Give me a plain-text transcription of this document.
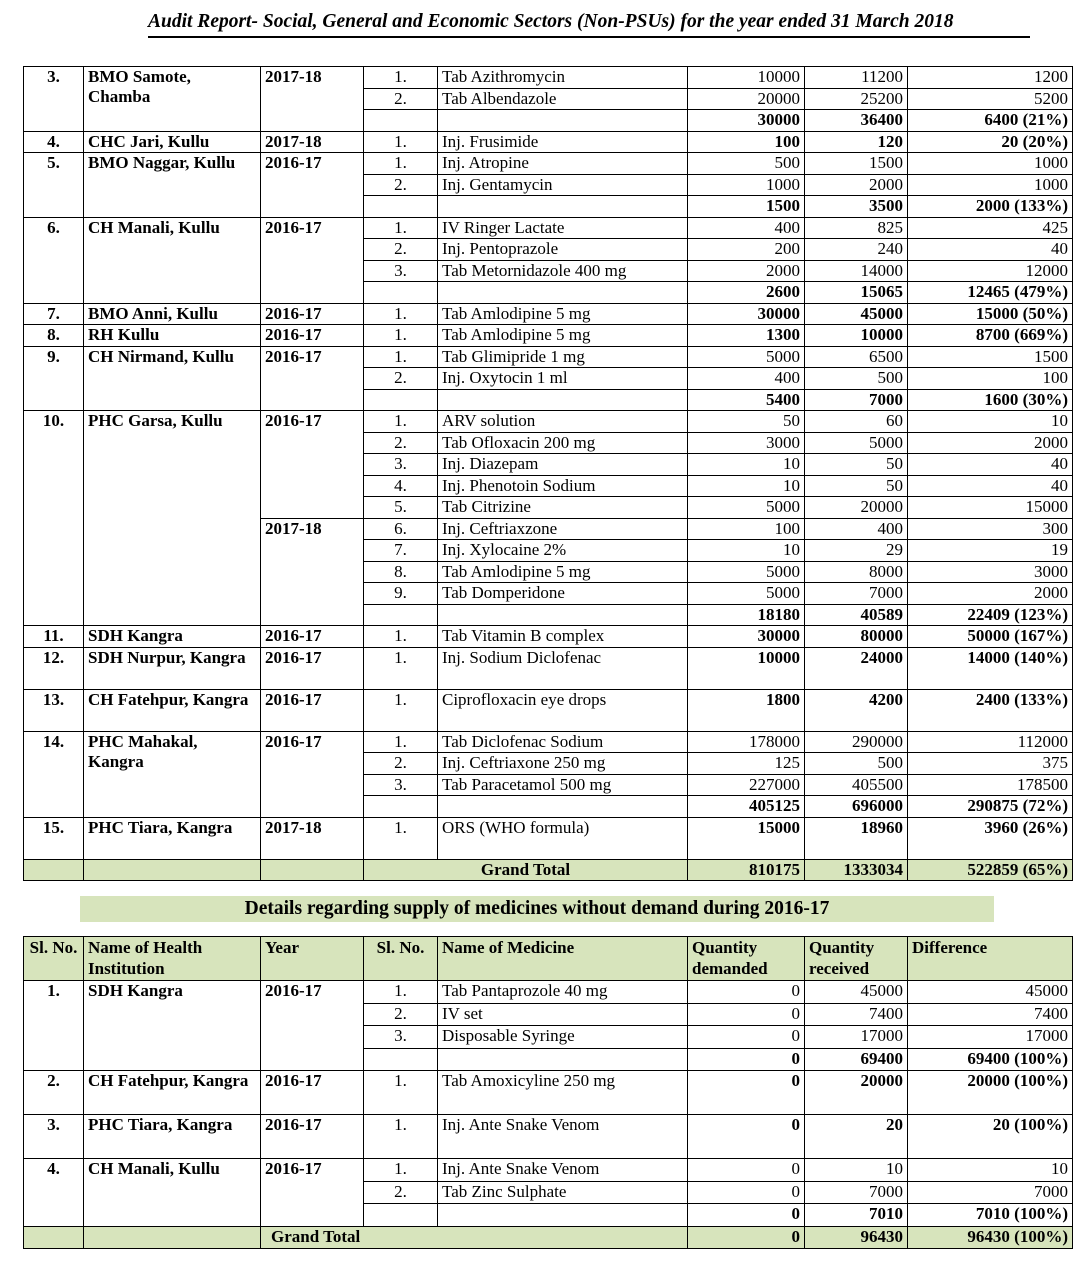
Audit Report- Social, General and Economic Sectors (Non-PSUs) for the year ended 31 March 2018
3.	BMO Samote, Chamba	2017-18	1.	Tab Azithromycin	10000	11200	1200
			2.	Tab Albendazole	20000	25200	5200
					30000	36400	6400 (21%)
4.	CHC Jari, Kullu	2017-18	1.	Inj. Frusimide	100	120	20 (20%)
5.	BMO Naggar, Kullu	2016-17	1.	Inj. Atropine	500	1500	1000
			2.	Inj. Gentamycin	1000	2000	1000
					1500	3500	2000 (133%)
6.	CH Manali, Kullu	2016-17	1.	IV Ringer Lactate	400	825	425
			2.	Inj. Pentoprazole	200	240	40
			3.	Tab Metornidazole 400 mg	2000	14000	12000
					2600	15065	12465 (479%)
7.	BMO Anni, Kullu	2016-17	1.	Tab Amlodipine 5 mg	30000	45000	15000 (50%)
8.	RH Kullu	2016-17	1.	Tab Amlodipine 5 mg	1300	10000	8700 (669%)
9.	CH Nirmand, Kullu	2016-17	1.	Tab Glimipride 1 mg	5000	6500	1500
			2.	Inj. Oxytocin 1 ml	400	500	100
					5400	7000	1600 (30%)
10.	PHC Garsa, Kullu	2016-17	1.	ARV solution	50	60	10
			2.	Tab Ofloxacin 200 mg	3000	5000	2000
			3.	Inj. Diazepam	10	50	40
			4.	Inj. Phenotoin Sodium	10	50	40
			5.	Tab Citrizine	5000	20000	15000
		2017-18	6.	Inj. Ceftriaxzone	100	400	300
			7.	Inj. Xylocaine 2%	10	29	19
			8.	Tab Amlodipine 5 mg	5000	8000	3000
			9.	Tab Domperidone	5000	7000	2000
					18180	40589	22409 (123%)
11.	SDH Kangra	2016-17	1.	Tab Vitamin B complex	30000	80000	50000 (167%)
12.	SDH Nurpur, Kangra	2016-17	1.	Inj. Sodium Diclofenac	10000	24000	14000 (140%)
13.	CH Fatehpur, Kangra	2016-17	1.	Ciprofloxacin eye drops	1800	4200	2400 (133%)
14.	PHC Mahakal, Kangra	2016-17	1.	Tab Diclofenac Sodium	178000	290000	112000
			2.	Inj. Ceftriaxone 250 mg	125	500	375
			3.	Tab Paracetamol 500 mg	227000	405500	178500
					405125	696000	290875 (72%)
15.	PHC Tiara, Kangra	2017-18	1.	ORS (WHO formula)	15000	18960	3960 (26%)
			Grand Total		810175	1333034	522859 (65%)
Details regarding supply of medicines without demand during 2016-17
Sl. No.	Name of Health Institution	Year	Sl. No.	Name of Medicine	Quantity demanded	Quantity received	Difference
1.	SDH Kangra	2016-17	1.	Tab Pantaprozole 40 mg	0	45000	45000
			2.	IV set	0	7400	7400
			3.	Disposable Syringe	0	17000	17000
					0	69400	69400 (100%)
2.	CH Fatehpur, Kangra	2016-17	1.	Tab Amoxicyline 250 mg	0	20000	20000 (100%)
3.	PHC Tiara, Kangra	2016-17	1.	Inj. Ante Snake Venom	0	20	20 (100%)
4.	CH Manali, Kullu	2016-17	1.	Inj. Ante Snake Venom	0	10	10
			2.	Tab Zinc Sulphate	0	7000	7000
					0	7010	7010 (100%)
		Grand Total			0	96430	96430 (100%)
